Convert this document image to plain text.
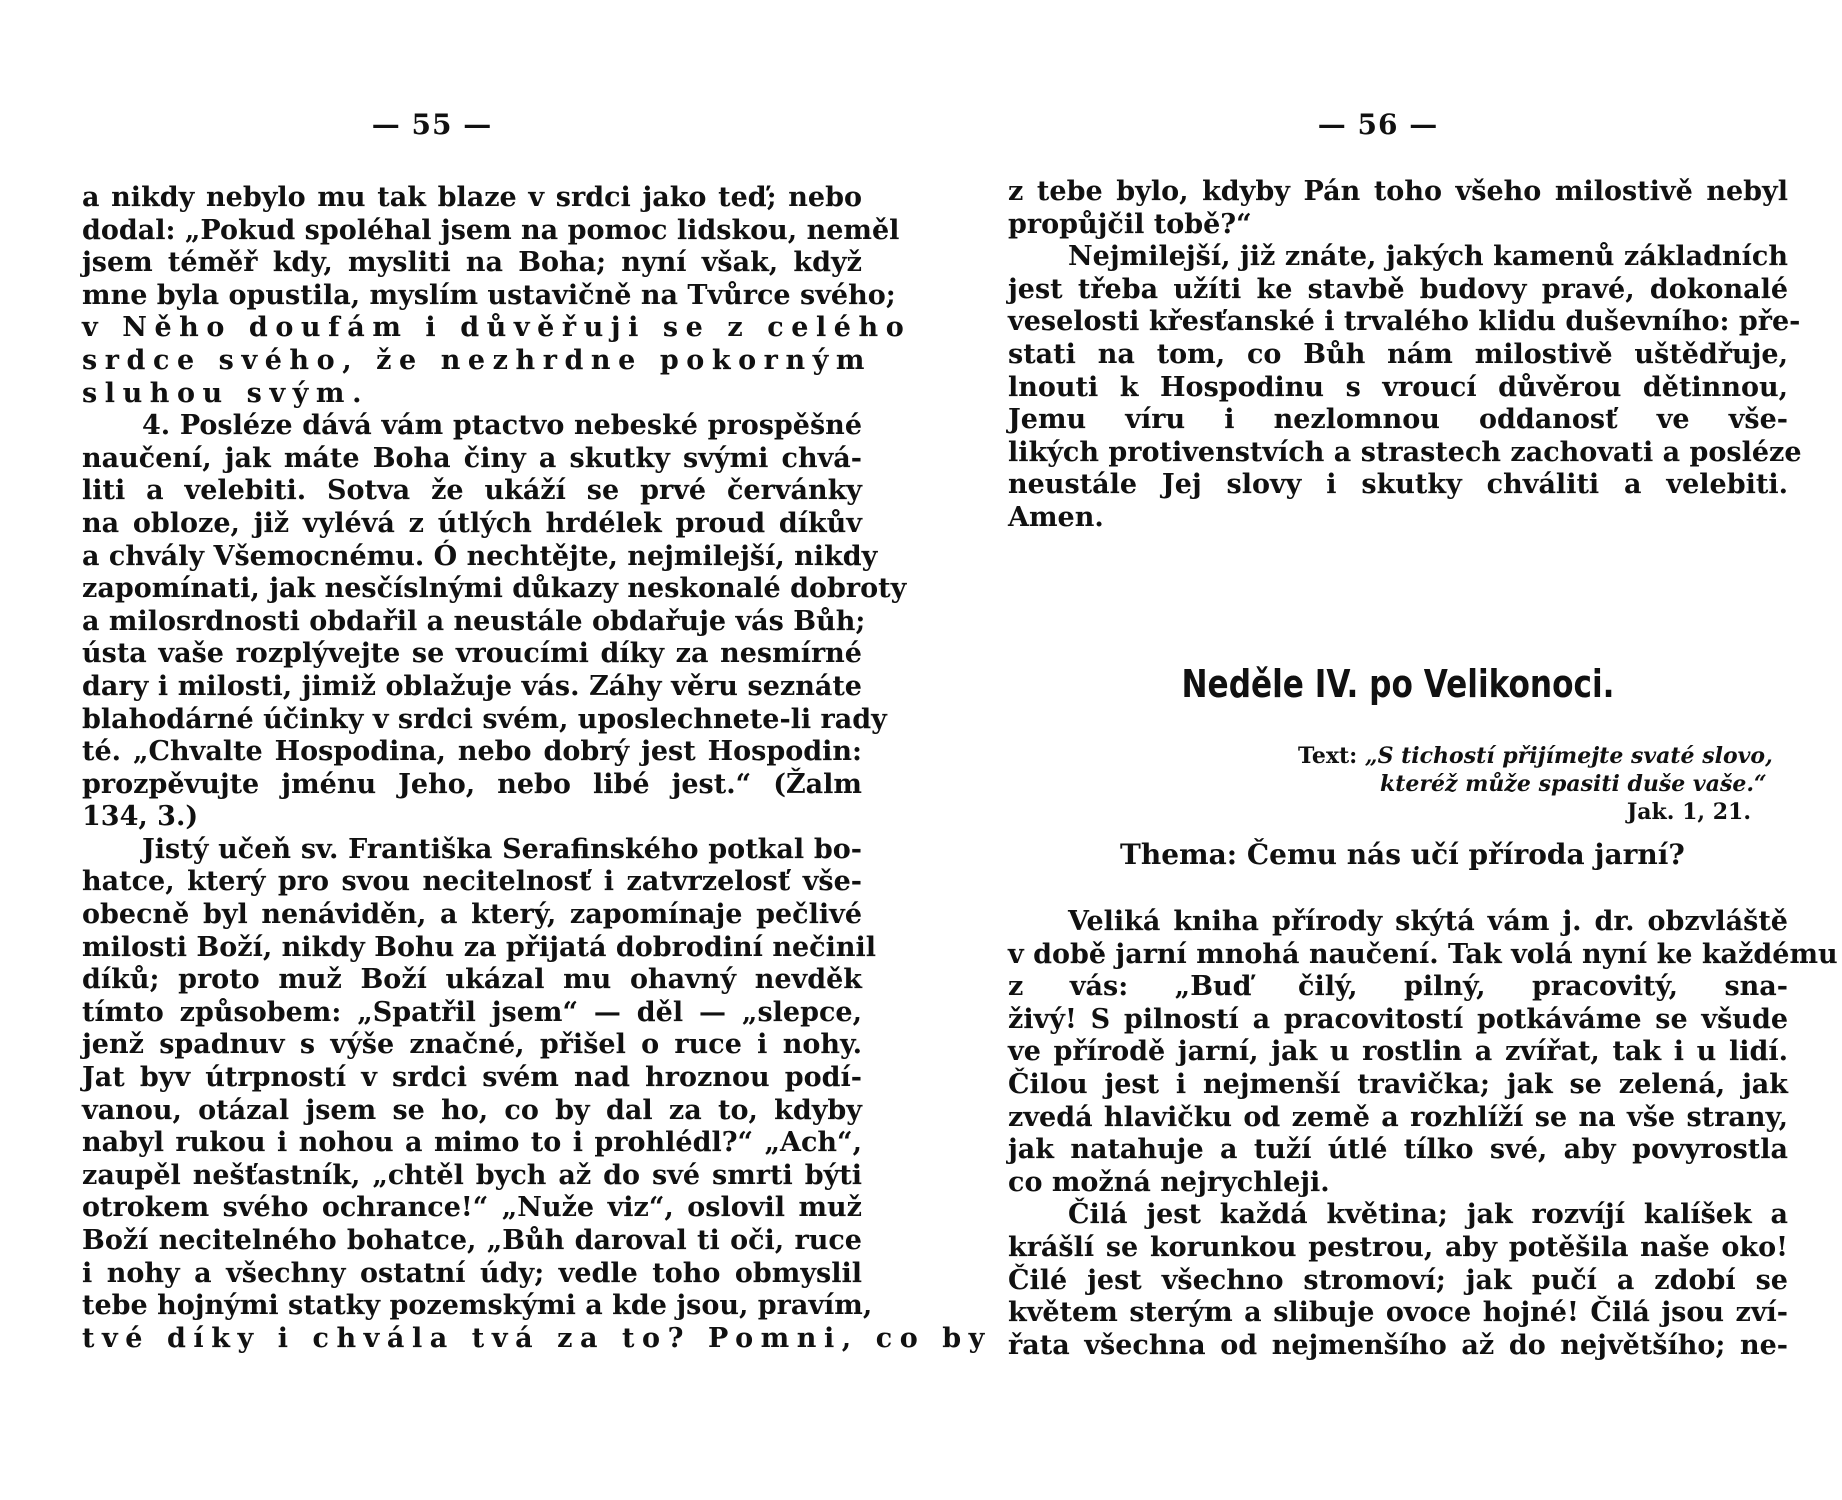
— 55 —
a nikdy nebylo mu tak blaze v srdci jako teď; nebo
dodal: „Pokud spoléhal jsem na pomoc lidskou, neměl
jsem téměř kdy, mysliti na Boha; nyní však, když
mne byla opustila, myslím ustavičně na Tvůrce svého;
v Něho doufám i důvěřuji se z celého
srdce svého, že nezhrdne pokorným
sluhou svým.
4. Posléze dává vám ptactvo nebeské prospěšné
naučení, jak máte Boha činy a skutky svými chvá-
liti a velebiti. Sotva že ukáží se prvé červánky
na obloze, již vylévá z útlých hrdélek proud díkův
a chvály Všemocnému. Ó nechtějte, nejmilejší, nikdy
zapomínati, jak nesčíslnými důkazy neskonalé dobroty
a milosrdnosti obdařil a neustále obdařuje vás Bůh;
ústa vaše rozplývejte se vroucími díky za nesmírné
dary i milosti, jimiž oblažuje vás. Záhy věru seznáte
blahodárné účinky v srdci svém, uposlechnete-li rady
té. „Chvalte Hospodina, nebo dobrý jest Hospodin:
prozpěvujte jménu Jeho, nebo libé jest.“ (Žalm
134, 3.)
Jistý učeň sv. Františka Serafinského potkal bo-
hatce, který pro svou necitelnosť i zatvrzelosť vše-
obecně byl nenáviděn, a který, zapomínaje pečlivé
milosti Boží, nikdy Bohu za přijatá dobrodiní nečinil
díků; proto muž Boží ukázal mu ohavný nevděk
tímto způsobem: „Spatřil jsem“ — děl — „slepce,
jenž spadnuv s výše značné, přišel o ruce i nohy.
Jat byv útrpností v srdci svém nad hroznou podí-
vanou, otázal jsem se ho, co by dal za to, kdyby
nabyl rukou i nohou a mimo to i prohlédl?“ „Ach“,
zaupěl nešťastník, „chtěl bych až do své smrti býti
otrokem svého ochrance!“ „Nuže viz“, oslovil muž
Boží necitelného bohatce, „Bůh daroval ti oči, ruce
i nohy a všechny ostatní údy; vedle toho obmyslil
tebe hojnými statky pozemskými a kde jsou, pravím,
tvé díky i chvála tvá za to? Pomni, co by
— 56 —
z tebe bylo, kdyby Pán toho všeho milostivě nebyl
propůjčil tobě?“
Nejmilejší, již znáte, jakých kamenů základních
jest třeba užíti ke stavbě budovy pravé, dokonalé
veselosti křesťanské i trvalého klidu duševního: pře-
stati na tom, co Bůh nám milostivě uštědřuje,
lnouti k Hospodinu s vroucí důvěrou dětinnou,
Jemu víru i nezlomnou oddanosť ve vše-
likých protivenstvích a strastech zachovati a posléze
neustále Jej slovy i skutky chváliti a velebiti.
Amen.
Neděle IV. po Velikonoci.
Text: „S tichostí přijímejte svaté slovo,
kteréž může spasiti duše vaše.“
Jak. 1, 21.
Thema: Čemu nás učí příroda jarní?
Veliká kniha přírody skýtá vám j. dr. obzvláště
v době jarní mnohá naučení. Tak volá nyní ke každému
z vás: „Buď čilý, pilný, pracovitý, sna-
živý! S pilností a pracovitostí potkáváme se všude
ve přírodě jarní, jak u rostlin a zvířat, tak i u lidí.
Čilou jest i nejmenší travička; jak se zelená, jak
zvedá hlavičku od země a rozhlíží se na vše strany,
jak natahuje a tuží útlé tílko své, aby povyrostla
co možná nejrychleji.
Čilá jest každá květina; jak rozvíjí kalíšek a
krášlí se korunkou pestrou, aby potěšila naše oko!
Čilé jest všechno stromoví; jak pučí a zdobí se
květem sterým a slibuje ovoce hojné! Čilá jsou zví-
řata všechna od nejmenšího až do největšího; ne-
